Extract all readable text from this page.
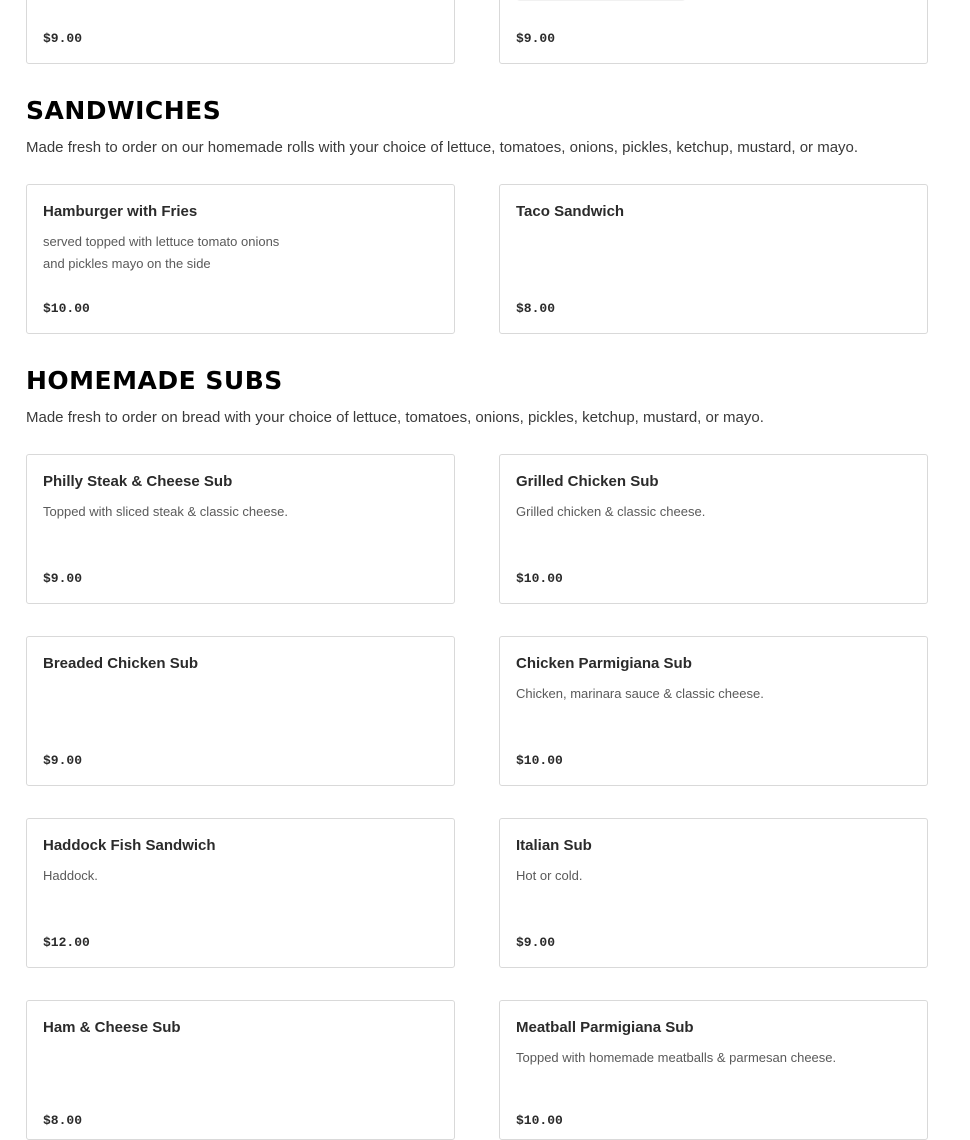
$9.00	$9.00
SANDWICHES

Made fresh to order on our homemade rolls with your choice of lettuce, tomatoes, onions, pickles, ketchup, mustard, or mayo.

Hamburger with Fries
served topped with lettuce tomato onions and pickles mayo on the side
$10.00
Taco Sandwich
$8.00
HOMEMADE SUBS

Made fresh to order on bread with your choice of lettuce, tomatoes, onions, pickles, ketchup, mustard, or mayo.

Philly Steak & Cheese Sub
Topped with sliced steak & classic cheese.
$9.00
Grilled Chicken Sub
Grilled chicken & classic cheese.
$10.00
Breaded Chicken Sub
$9.00
Chicken Parmigiana Sub
Chicken, marinara sauce & classic cheese.
$10.00
Haddock Fish Sandwich
Haddock.
$12.00
Italian Sub
Hot or cold.
$9.00
Ham & Cheese Sub
$8.00
Meatball Parmigiana Sub
Topped with homemade meatballs & parmesan cheese.
$10.00
